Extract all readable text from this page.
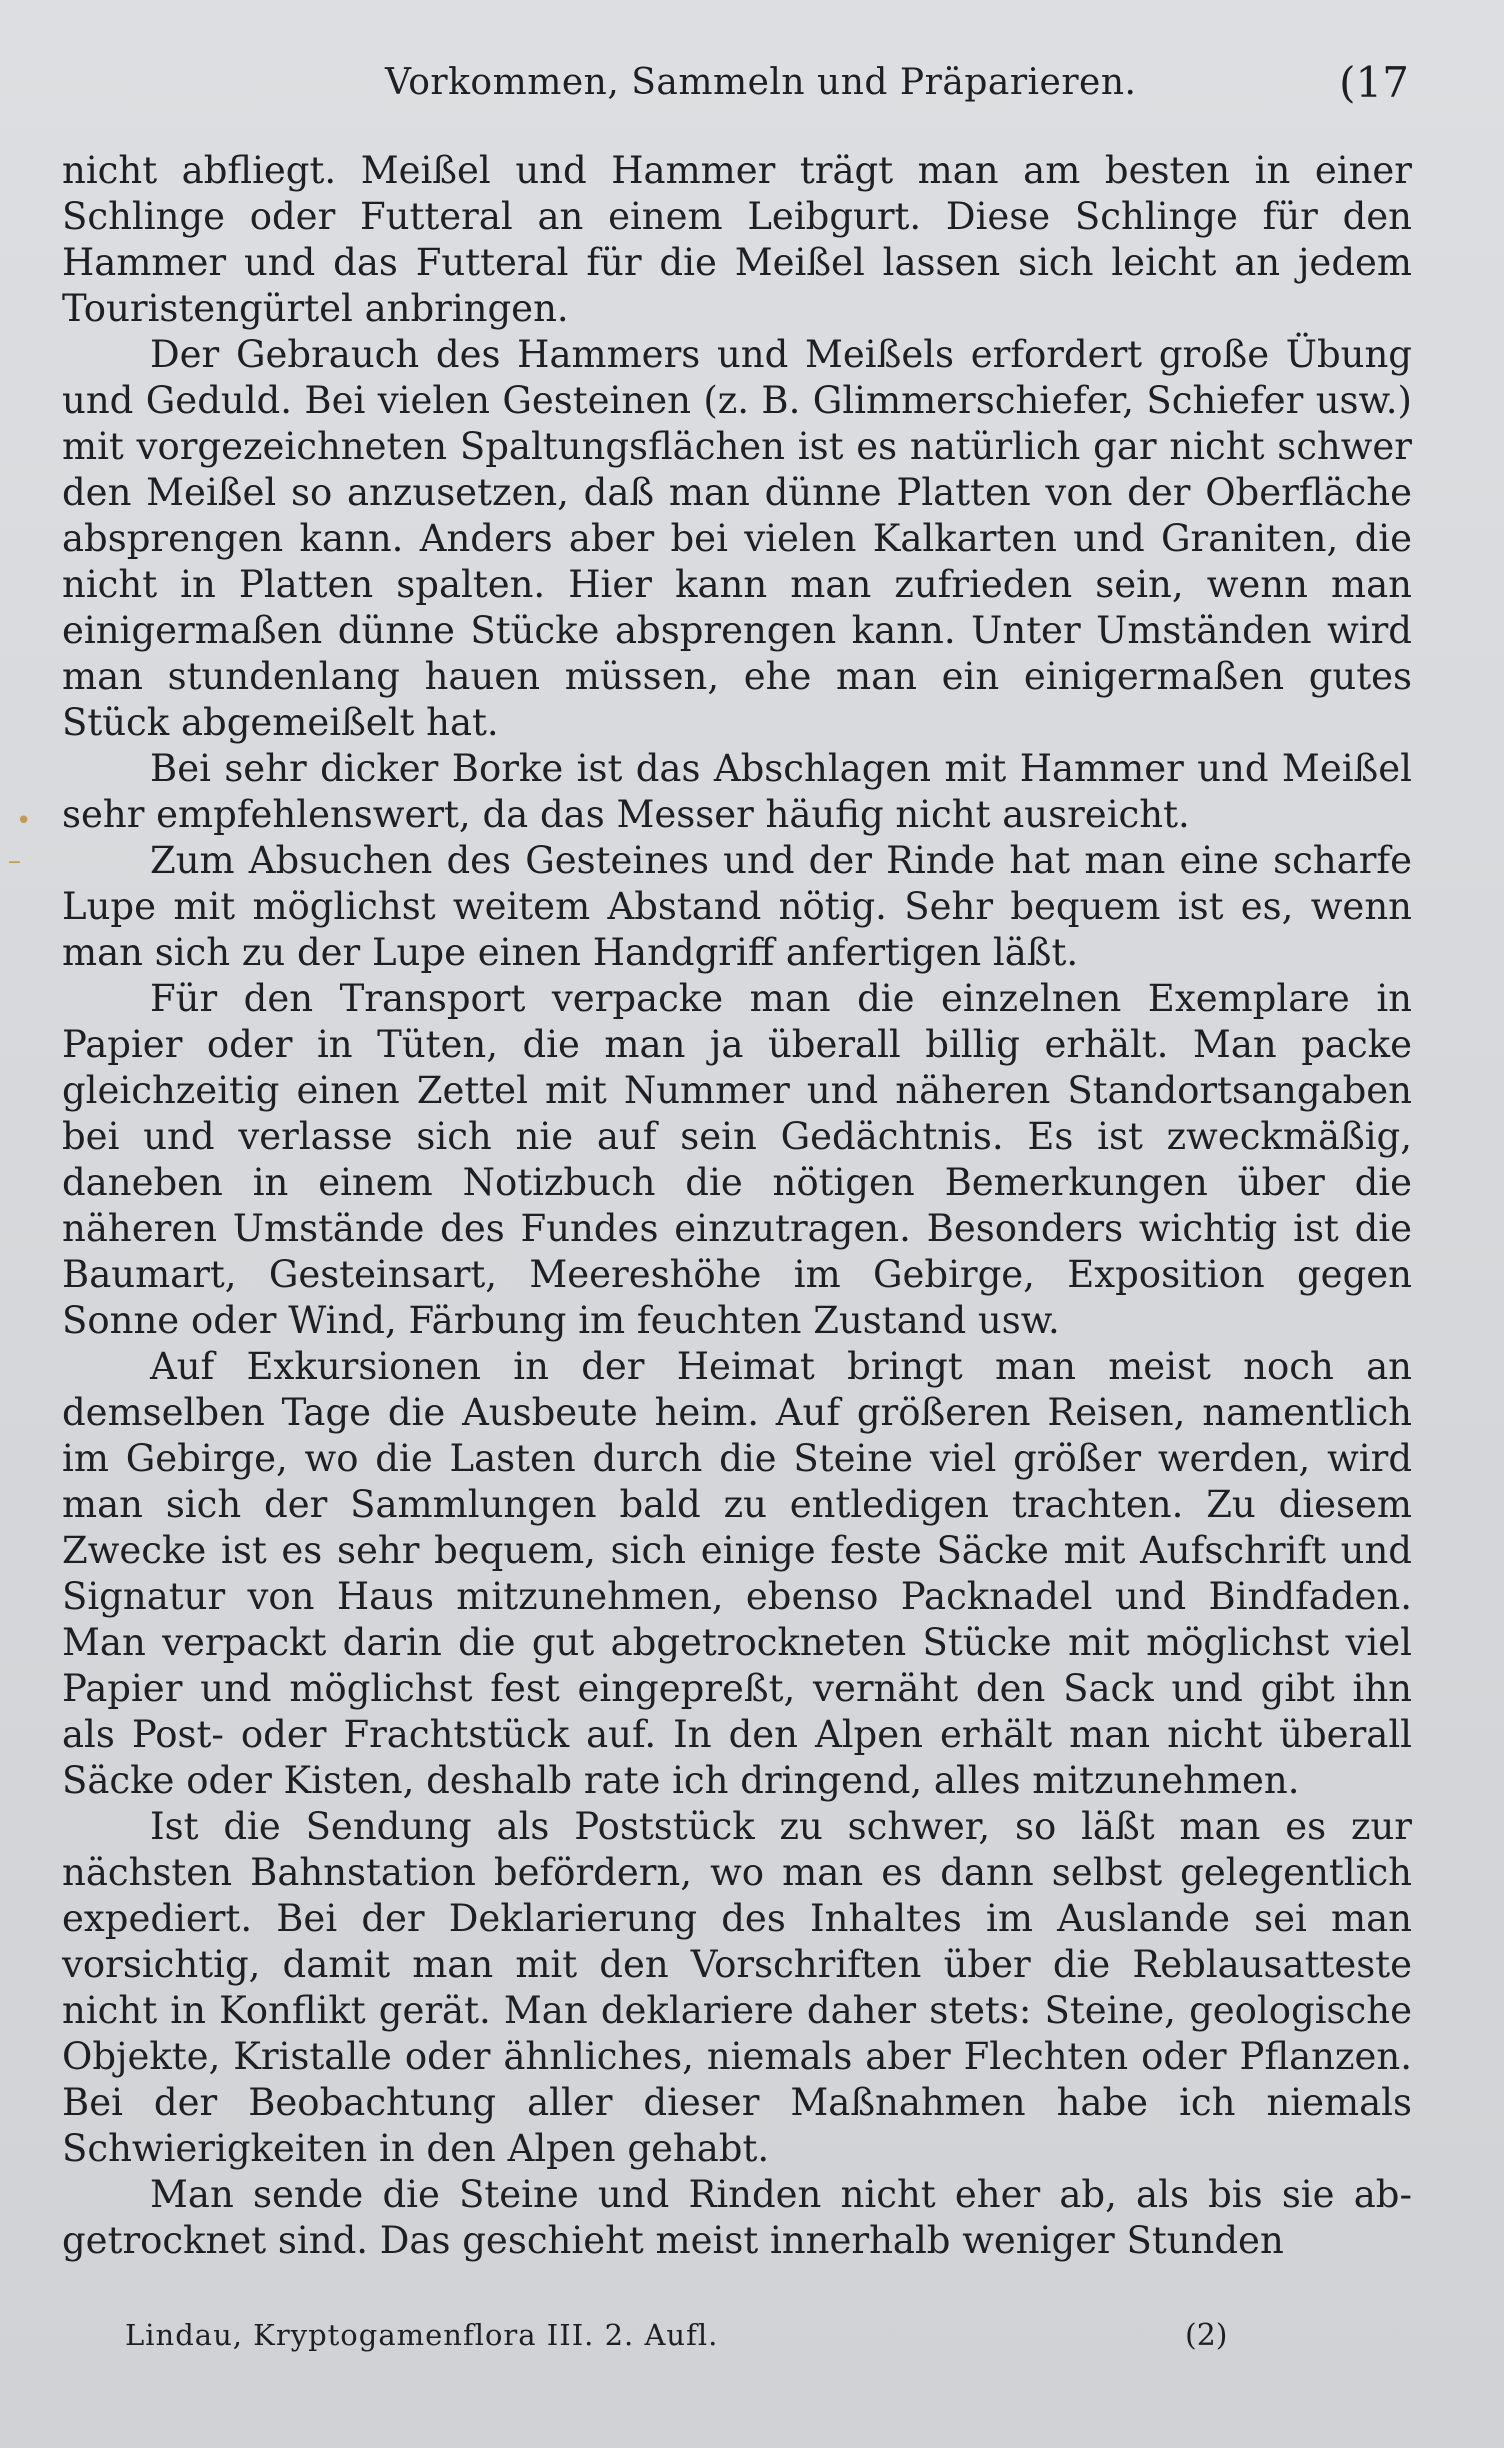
Vorkommen, Sammeln und Präparieren.	(17
•
–

nicht abfliegt. Meißel und Hammer trägt man am besten in einer Schlinge oder Futteral an einem Leibgurt. Diese Schlinge für den Hammer und das Futteral für die Meißel lassen sich leicht an jedem Touristengürtel anbringen.

Der Gebrauch des Hammers und Meißels erfordert große Übung und Geduld. Bei vielen Gesteinen (z. B. Glimmerschiefer, Schiefer usw.) mit vorgezeichneten Spaltungsflächen ist es natürlich gar nicht schwer den Meißel so anzusetzen, daß man dünne Platten von der Oberfläche absprengen kann. Anders aber bei vielen Kalkarten und Graniten, die nicht in Platten spalten. Hier kann man zufrieden sein, wenn man einigermaßen dünne Stücke absprengen kann. Unter Umständen wird man stundenlang hauen müssen, ehe man ein einigermaßen gutes Stück abgemeißelt hat.

Bei sehr dicker Borke ist das Abschlagen mit Hammer und Meißel sehr empfehlenswert, da das Messer häufig nicht ausreicht.

Zum Absuchen des Gesteines und der Rinde hat man eine scharfe Lupe mit möglichst weitem Abstand nötig. Sehr bequem ist es, wenn man sich zu der Lupe einen Handgriff anfertigen läßt.

Für den Transport verpacke man die einzelnen Exemplare in Papier oder in Tüten, die man ja überall billig erhält. Man packe gleichzeitig einen Zettel mit Nummer und näheren Standortsangaben bei und verlasse sich nie auf sein Gedächtnis. Es ist zweckmäßig, daneben in einem Notizbuch die nötigen Bemerkungen über die näheren Umstände des Fundes einzutragen. Besonders wichtig ist die Baumart, Gesteinsart, Meereshöhe im Gebirge, Exposition gegen Sonne oder Wind, Färbung im feuchten Zustand usw.

Auf Exkursionen in der Heimat bringt man meist noch an demselben Tage die Ausbeute heim. Auf größeren Reisen, namentlich im Gebirge, wo die Lasten durch die Steine viel größer werden, wird man sich der Sammlungen bald zu entledigen trachten. Zu diesem Zwecke ist es sehr bequem, sich einige feste Säcke mit Aufschrift und Signatur von Haus mitzunehmen, ebenso Packnadel und Bindfaden. Man verpackt darin die gut abgetrockneten Stücke mit möglichst viel Papier und möglichst fest eingepreßt, vernäht den Sack und gibt ihn als Post- oder Frachtstück auf. In den Alpen erhält man nicht überall Säcke oder Kisten, deshalb rate ich dringend, alles mitzunehmen.

Ist die Sendung als Poststück zu schwer, so läßt man es zur nächsten Bahnstation befördern, wo man es dann selbst gelegentlich expediert. Bei der Deklarierung des Inhaltes im Auslande sei man vorsichtig, damit man mit den Vorschriften über die Reblausatteste nicht in Konflikt gerät. Man deklariere daher stets: Steine, geologische Objekte, Kristalle oder ähnliches, niemals aber Flechten oder Pflanzen. Bei der Beobachtung aller dieser Maßnahmen habe ich niemals Schwierigkeiten in den Alpen gehabt.

Man sende die Steine und Rinden nicht eher ab, als bis sie abgetrocknet sind. Das geschieht meist innerhalb weniger Stunden

Lindau, Kryptogamenflora III. 2. Aufl.	(2)
